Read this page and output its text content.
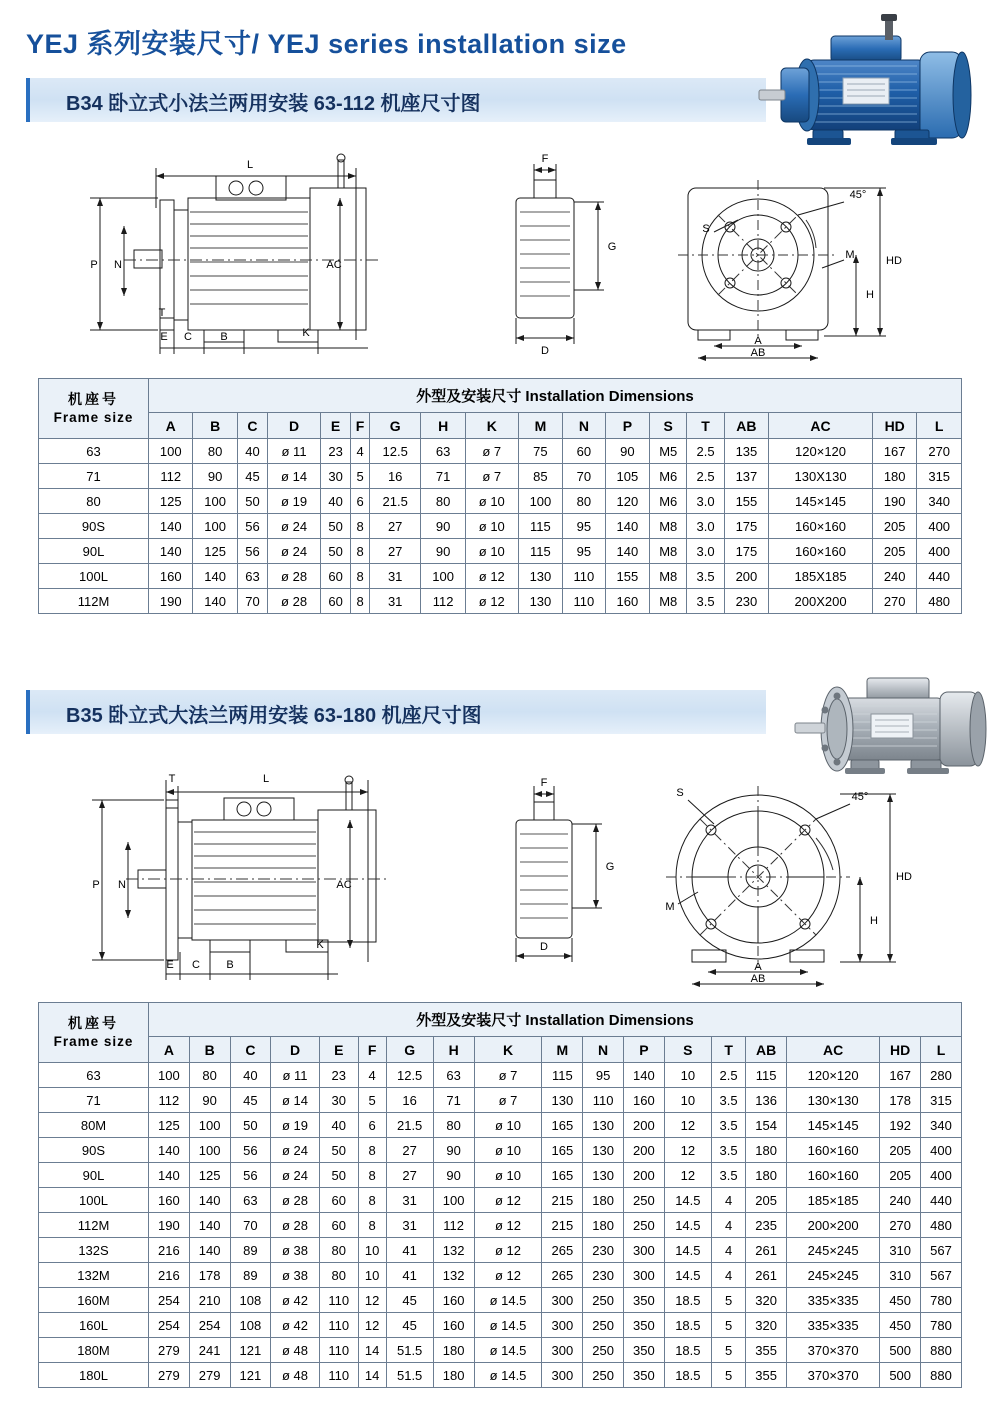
YEJ 系列安装尺寸/ YEJ series installation size
B34 卧立式小法兰两用安装 63-112 机座尺寸图
L
P N	AC
T
E C	B	K
F
G
D
S
45°
HD
M
H
A
AB
机座号
Frame size	外型及安装尺寸 Installation Dimensions																	
	A	B	C	D	E	F	G	H	K	M	N	P	S	T	AB	AC	HD	L
63	100	80	40	ø 11	23	4	12.5	63	ø 7	75	60	90	M5	2.5	135	120×120	167	270
71	112	90	45	ø 14	30	5	16	71	ø 7	85	70	105	M6	2.5	137	130X130	180	315
80	125	100	50	ø 19	40	6	21.5	80	ø 10	100	80	120	M6	3.0	155	145×145	190	340
90S	140	100	56	ø 24	50	8	27	90	ø 10	115	95	140	M8	3.0	175	160×160	205	400
90L	140	125	56	ø 24	50	8	27	90	ø 10	115	95	140	M8	3.0	175	160×160	205	400
100L	160	140	63	ø 28	60	8	31	100	ø 12	130	110	155	M8	3.5	200	185X185	240	440
112M	190	140	70	ø 28	60	8	31	112	ø 12	130	110	160	M8	3.5	230	200X200	270	480
B35 卧立式大法兰两用安装 63-180 机座尺寸图
L
T
P N	AC
E C B
K
F
G
D
S	45°
HD
M
H
A
AB
机座号
Frame size	外型及安装尺寸 Installation Dimensions																	
	A	B	C	D	E	F	G	H	K	M	N	P	S	T	AB	AC	HD	L
63	100	80	40	ø 11	23	4	12.5	63	ø 7	115	95	140	10	2.5	115	120×120	167	280
71	112	90	45	ø 14	30	5	16	71	ø 7	130	110	160	10	3.5	136	130×130	178	315
80M	125	100	50	ø 19	40	6	21.5	80	ø 10	165	130	200	12	3.5	154	145×145	192	340
90S	140	100	56	ø 24	50	8	27	90	ø 10	165	130	200	12	3.5	180	160×160	205	400
90L	140	125	56	ø 24	50	8	27	90	ø 10	165	130	200	12	3.5	180	160×160	205	400
100L	160	140	63	ø 28	60	8	31	100	ø 12	215	180	250	14.5	4	205	185×185	240	440
112M	190	140	70	ø 28	60	8	31	112	ø 12	215	180	250	14.5	4	235	200×200	270	480
132S	216	140	89	ø 38	80	10	41	132	ø 12	265	230	300	14.5	4	261	245×245	310	567
132M	216	178	89	ø 38	80	10	41	132	ø 12	265	230	300	14.5	4	261	245×245	310	567
160M	254	210	108	ø 42	110	12	45	160	ø 14.5	300	250	350	18.5	5	320	335×335	450	780
160L	254	254	108	ø 42	110	12	45	160	ø 14.5	300	250	350	18.5	5	320	335×335	450	780
180M	279	241	121	ø 48	110	14	51.5	180	ø 14.5	300	250	350	18.5	5	355	370×370	500	880
180L	279	279	121	ø 48	110	14	51.5	180	ø 14.5	300	250	350	18.5	5	355	370×370	500	880
